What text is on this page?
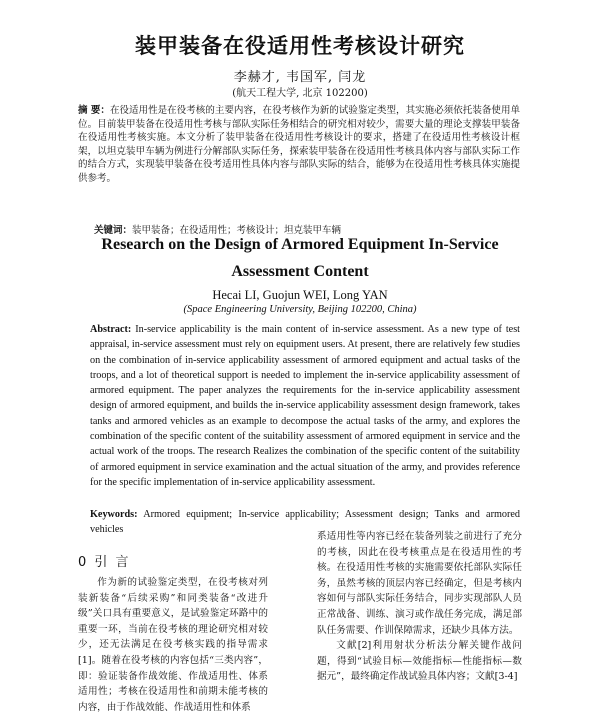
装甲装备在役适用性考核设计研究
李赫才, 韦国军, 闫龙
(航天工程大学, 北京 102200)
摘 要：在役适用性是在役考核的主要内容，在役考核作为新的试验鉴定类型，其实施必须依托装备使用单位。目前装甲装备在役适用性考核与部队实际任务相结合的研究相对较少，需要大量的理论支撑装甲装备在役适用性考核实施。本文分析了装甲装备在役适用性考核设计的要求，搭建了在役适用性考核设计框架，以坦克装甲车辆为例进行分解部队实际任务，探索装甲装备在役适用性考核具体内容与部队实际工作的结合方式，实现装甲装备在役考适用性具体内容与部队实际的结合，能够为在役适用性考核具体实施提供参考。
关键词：装甲装备；在役适用性；考核设计；坦克装甲车辆
Research on the Design of Armored Equipment In-Service
Assessment Content
Hecai LI, Guojun WEI, Long YAN
(Space Engineering University, Beijing 102200, China)
Abstract: In-service applicability is the main content of in-service assessment. As a new type of test appraisal, in-service assessment must rely on equipment users. At present, there are relatively few studies on the combination of in-service applicability assessment of armored equipment and actual tasks of the troops, and a lot of theoretical support is needed to implement the in-service applicability assessment of armored equipment. The paper analyzes the requirements for the in-service applicability assessment design of armored equipment, and builds the in-service applicability assessment design framework, takes tanks and armored vehicles as an example to decompose the actual tasks of the army, and explores the combination of the specific content of the suitability assessment of armored equipment in service and the actual work of the troops. The research Realizes the combination of the specific content of the suitability of armored equipment in service examination and the actual situation of the army, and provides reference for the specific implementation of in-service applicability assessment.
Keywords: Armored equipment; In-service applicability; Assessment design; Tanks and armored vehicles
0 引 言

作为新的试验鉴定类型，在役考核对列装新装备“后续采购”和同类装备“改进升级”关口具有重要意义，是试验鉴定环路中的重要一环，当前在役考核的理论研究相对较少，还无法满足在役考核实践的指导需求[1]。随着在役考核的内容包括“三类内容”，即：验证装备作战效能、作战适用性、体系适用性；考核在役适用性和前期未能考核的内容，由于作战效能、作战适用性和体系

系适用性等内容已经在装备列装之前进行了充分的考核，因此在役考核重点是在役适用性的考核。在役适用性考核的实施需要依托部队实际任务，虽然考核的顶层内容已经确定，但是考核内容如何与部队实际任务结合，同步实现部队人员正常战备、训练、演习或作战任务完成，满足部队任务需要、作训保障需求，还缺少具体方法。

文献[2]利用射状分析法分解关键作战问题，得到“试验目标—效能指标—性能指标—数据元”，最终确定作战试验具体内容；文献[3-4]
